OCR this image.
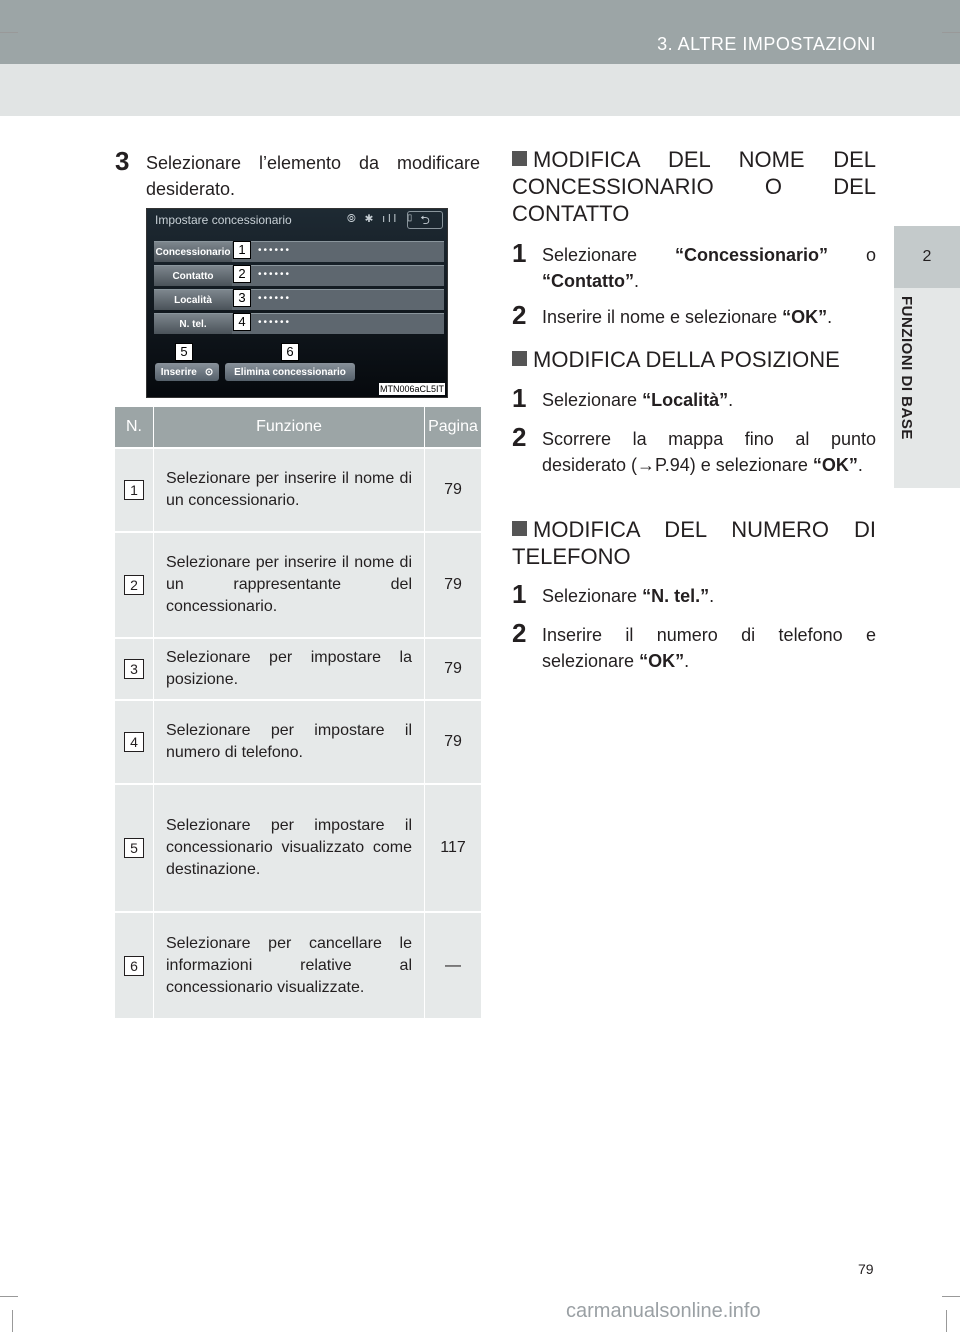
3. ALTRE IMPOSTAZIONI
2
FUNZIONI DI BASE
3 Selezionare l’elemento da modificare desiderato.
Impostare concessionario	⦾ ✱ ıll ▯ ⮌
Concessionario	••••••
Contatto	••••••
Località	••••••
N. tel.	••••••
1
2
3
4
5	6
Inserire ⊙ Elimina concessionario
MTN006aCL5IT
N.	Funzione	Pagina
1	Selezionare per inserire il nome di un concessionario.	79
2	Selezionare per inserire il nome di un rappresentante del concessionario.	79
3	Selezionare per impostare la posizione.	79
4	Selezionare per impostare il numero di telefono.	79
5	Selezionare per impostare il concessionario visualizzato come destinazione.	117
6	Selezionare per cancellare le informazioni relative al concessionario visualizzate.	—
MODIFICA DEL NOME DEL CONCESSIONARIO O DEL CONTATTO
1 Selezionare “Concessionario” o “Contatto”.
2 Inserire il nome e selezionare “OK”.
MODIFICA DELLA POSIZIONE
1 Selezionare “Località”.
2 Scorrere la mappa fino al punto desiderato (→P.94) e selezionare “OK”.
MODIFICA DEL NUMERO DI TELEFONO
1 Selezionare “N. tel.”.
2 Inserire il numero di telefono e selezionare “OK”.
79
carmanualsonline.info
